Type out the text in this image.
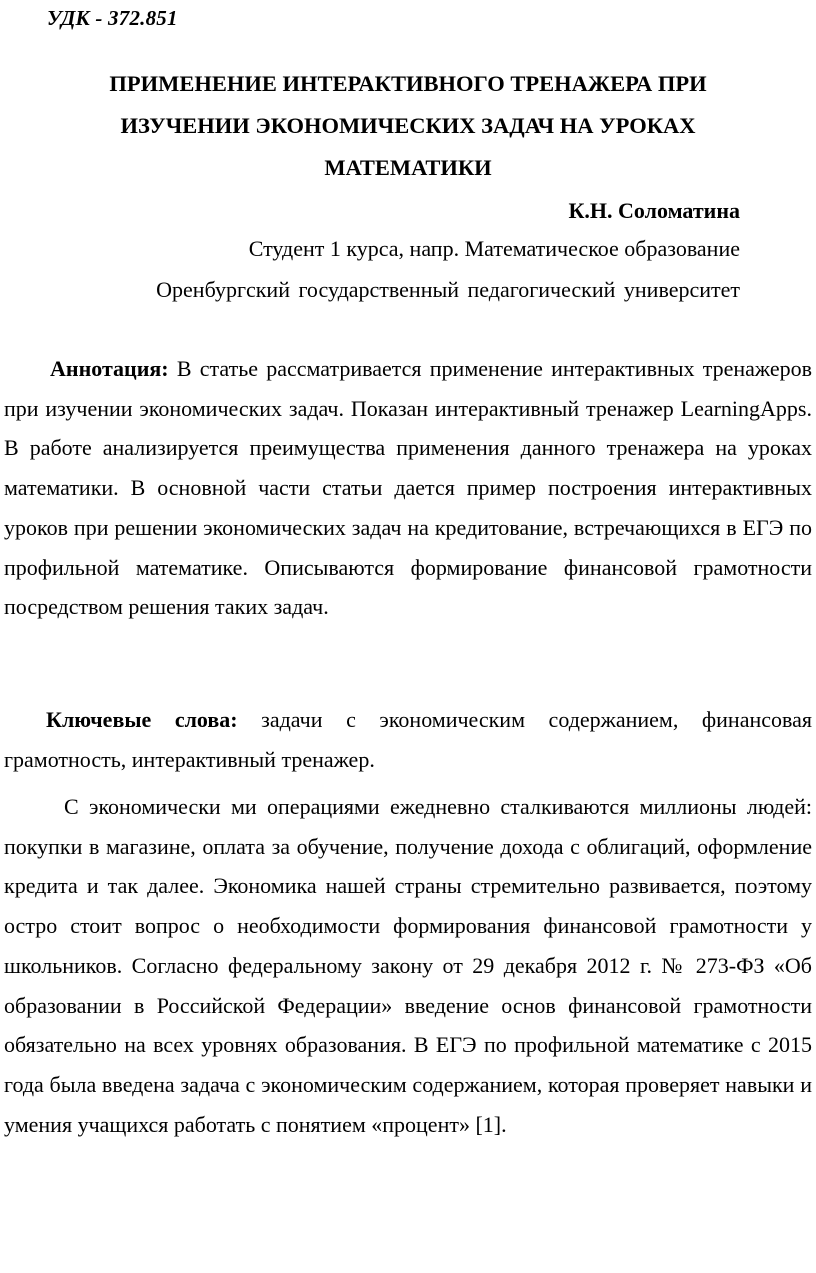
УДК - 372.851
ПРИМЕНЕНИЕ ИНТЕРАКТИВНОГО ТРЕНАЖЕРА ПРИ
ИЗУЧЕНИИ ЭКОНОМИЧЕСКИХ ЗАДАЧ НА УРОКАХ
МАТЕМАТИКИ
К.Н. Соломатина
Студент 1 курса, напр. Математическое образование
Оренбургский государственный педагогический университет

Аннотация: В статье рассматривается применение интерактивных тренажеров при изучении экономических задач. Показан интерактивный тренажер LearningApps. В работе анализируется преимущества применения данного тренажера на уроках математики. В основной части статьи дается пример построения интерактивных уроков при решении экономических задач на кредитование, встречающихся в ЕГЭ по профильной математике. Описываются формирование финансовой грамотности посредством решения таких задач.

Ключевые слова: задачи с экономическим содержанием, финансовая грамотность, интерактивный тренажер.

С экономически ми операциями ежедневно сталкиваются миллионы людей: покупки в магазине, оплата за обучение, получение дохода с облигаций, оформление кредита и так далее. Экономика нашей страны стремительно развивается, поэтому остро стоит вопрос о необходимости формирования финансовой грамотности у школьников. Согласно федеральному закону от 29 декабря 2012 г. № 273-ФЗ «Об образовании в Российской Федерации» введение основ финансовой грамотности обязательно на всех уровнях образования. В ЕГЭ по профильной математике с 2015 года была введена задача с экономическим содержанием, которая проверяет навыки и умения учащихся работать с понятием «процент» [1].
